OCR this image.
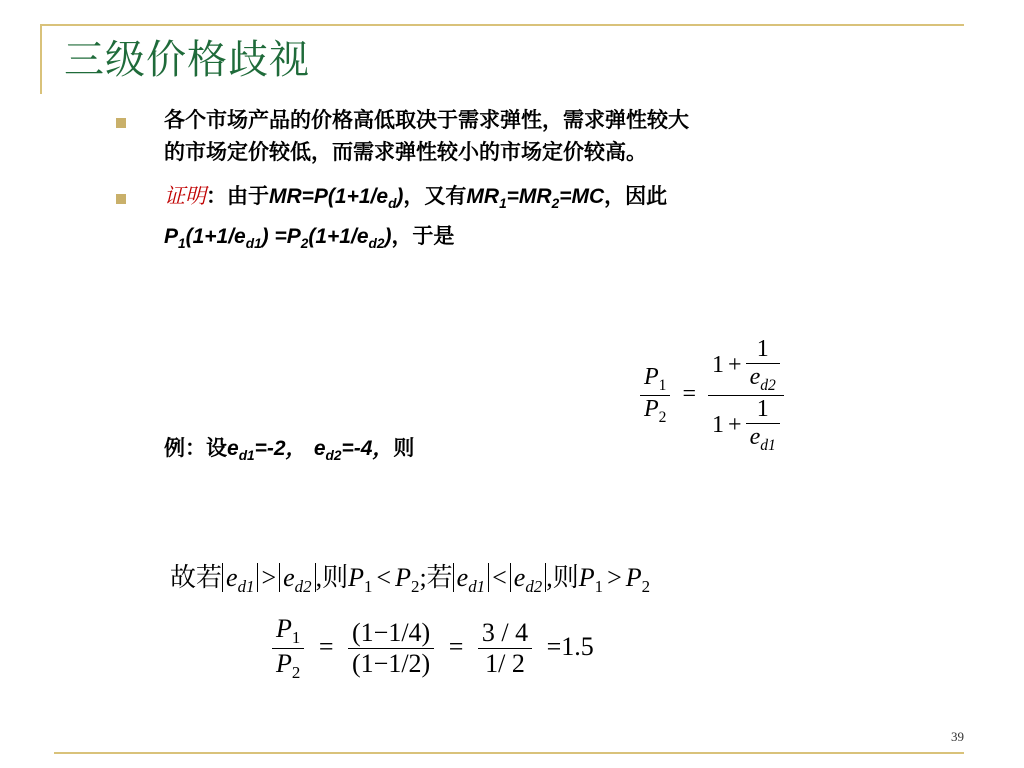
三级价格歧视
各个市场产品的价格高低取决于需求弹性，需求弹性较大
的市场定价较低，而需求弹性较小的市场定价较高。
证明：由于$MR=P(1+1/e_d)$，又有$MR_1=MR_2=MC$，因此
$P_1(1+1/e_{d1}) =P_2(1+1/e_{d2})$，于是
$\frac{P_1}{P_2} = \frac{1 + \frac{1}{e_{d2}}}{1 + \frac{1}{e_{d1}}}$
例：设$e_{d1}=-2$， $e_{d2}=-4$，则
故若 $e_{d1} > e_{d2}$ ,则$P_1 < P_2$;若 $e_{d1} < e_{d2}$ ,则$P_1 > P_2$
$\frac{P_1}{P_2} = \frac{(1-1/4)}{(1-1/2)} = \frac{3 / 4}{1/ 2} =1.5$
39
